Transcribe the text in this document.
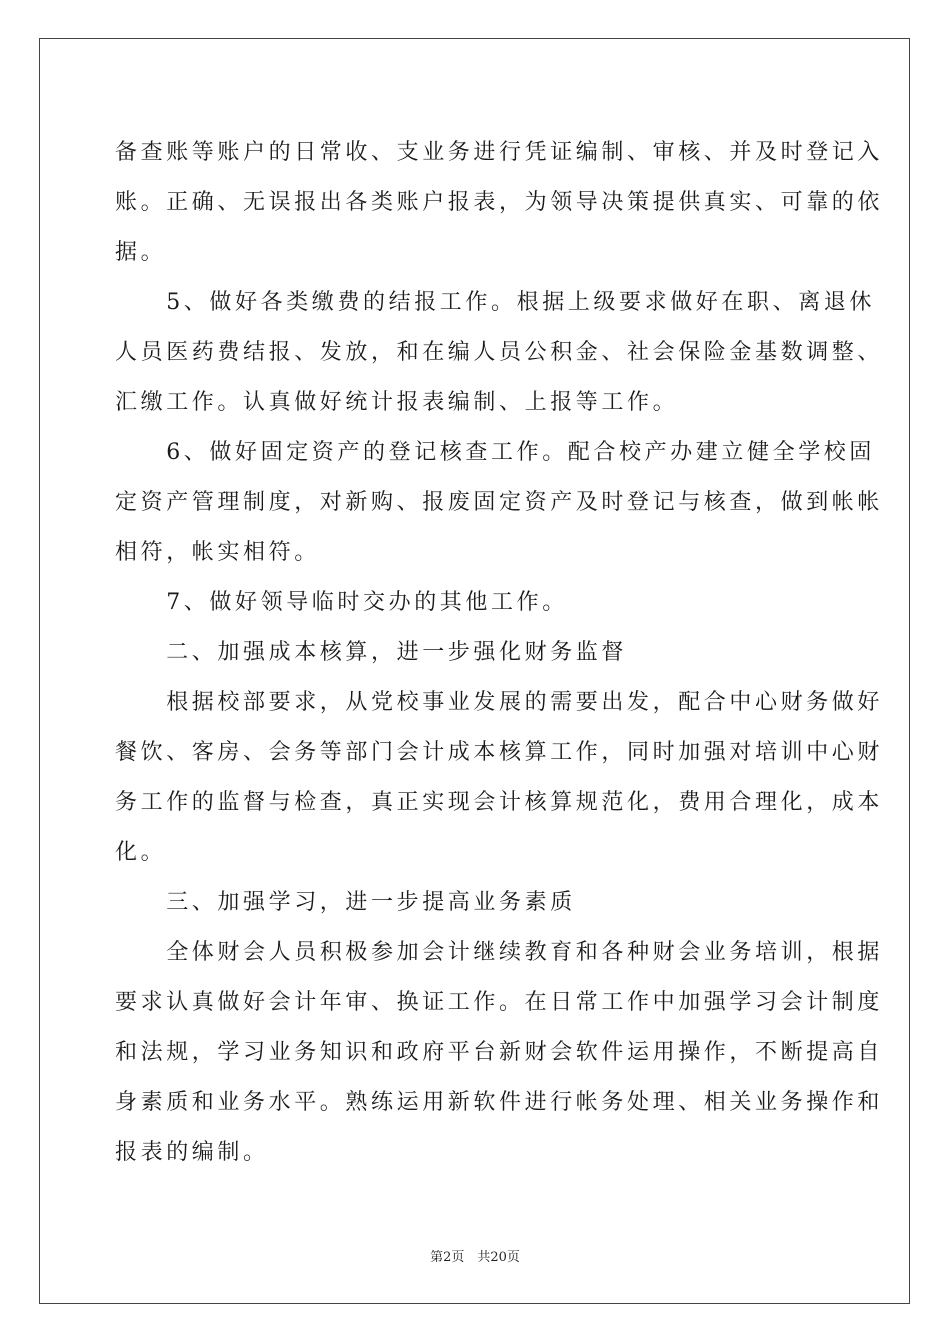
备查账等账户的日常收、支业务进行凭证编制、审核、并及时登记入
账。正确、无误报出各类账户报表，为领导决策提供真实、可靠的依
据。
　　5、做好各类缴费的结报工作。根据上级要求做好在职、离退休
人员医药费结报、发放，和在编人员公积金、社会保险金基数调整、
汇缴工作。认真做好统计报表编制、上报等工作。
　　6、做好固定资产的登记核查工作。配合校产办建立健全学校固
定资产管理制度，对新购、报废固定资产及时登记与核查，做到帐帐
相符，帐实相符。
　　7、做好领导临时交办的其他工作。
　　二、加强成本核算，进一步强化财务监督
　　根据校部要求，从党校事业发展的需要出发，配合中心财务做好
餐饮、客房、会务等部门会计成本核算工作，同时加强对培训中心财
务工作的监督与检查，真正实现会计核算规范化，费用合理化，成本
化。
　　三、加强学习，进一步提高业务素质
　　全体财会人员积极参加会计继续教育和各种财会业务培训，根据
要求认真做好会计年审、换证工作。在日常工作中加强学习会计制度
和法规，学习业务知识和政府平台新财会软件运用操作，不断提高自
身素质和业务水平。熟练运用新软件进行帐务处理、相关业务操作和
报表的编制。
第2页　共20页
